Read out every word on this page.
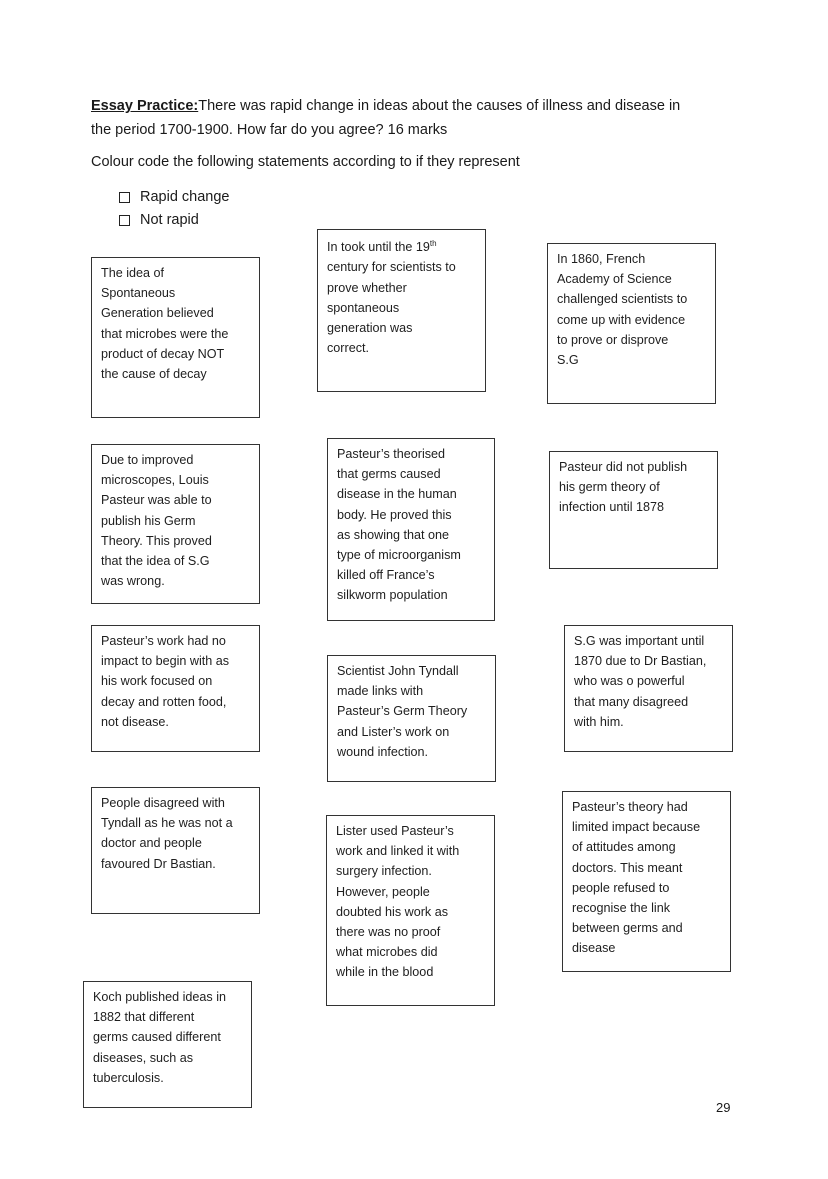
Essay Practice:There was rapid change in ideas about the causes of illness and disease in
the period 1700-1900. How far do you agree? 16 marks

Colour code the following statements according to if they represent

Rapid change
Not rapid
The idea of
Spontaneous
Generation believed
that microbes were the
product of decay NOT
the cause of decay
In took until the 19th
century for scientists to
prove whether
spontaneous
generation was
correct.
In 1860, French
Academy of Science
challenged scientists to
come up with evidence
to prove or disprove
S.G
Due to improved
microscopes, Louis
Pasteur was able to
publish his Germ
Theory. This proved
that the idea of S.G
was wrong.
Pasteur’s theorised
that germs caused
disease in the human
body. He proved this
as showing that one
type of microorganism
killed off France’s
silkworm population
Pasteur did not publish
his germ theory of
infection until 1878
Pasteur’s work had no
impact to begin with as
his work focused on
decay and rotten food,
not disease.
Scientist John Tyndall
made links with
Pasteur’s Germ Theory
and Lister’s work on
wound infection.
S.G was important until
1870 due to Dr Bastian,
who was o powerful
that many disagreed
with him.
People disagreed with
Tyndall as he was not a
doctor and people
favoured Dr Bastian.
Lister used Pasteur’s
work and linked it with
surgery infection.
However, people
doubted his work as
there was no proof
what microbes did
while in the blood
Pasteur’s theory had
limited impact because
of attitudes among
doctors. This meant
people refused to
recognise the link
between germs and
disease
Koch published ideas in
1882 that different
germs caused different
diseases, such as
tuberculosis.
29
